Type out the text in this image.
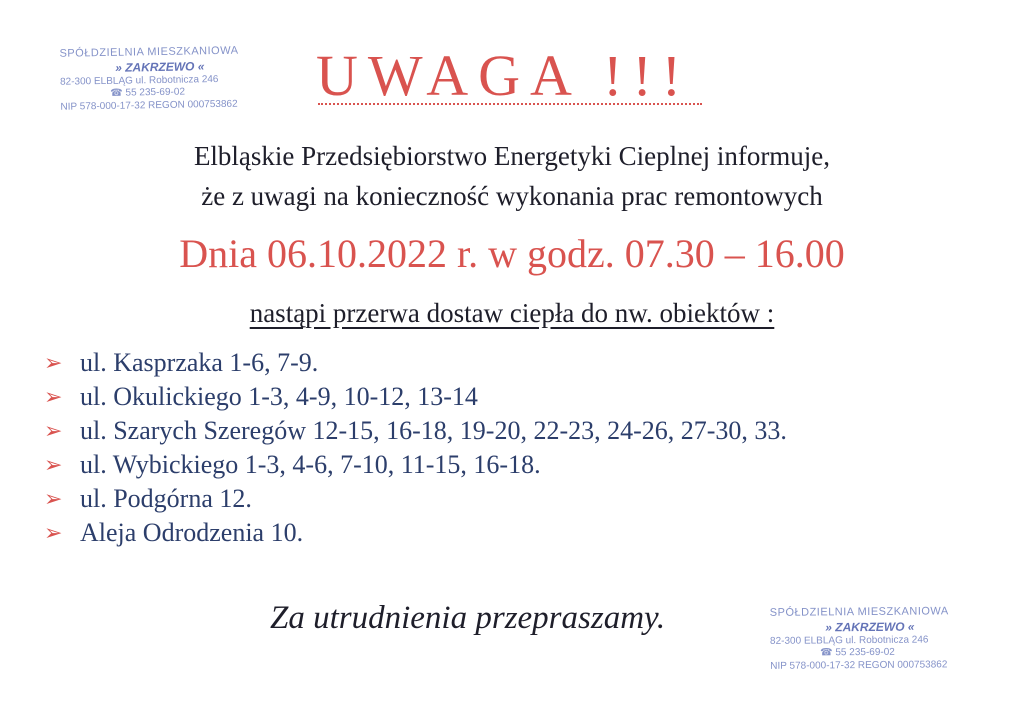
SPÓŁDZIELNIA MIESZKANIOWA
» ZAKRZEWO «
82-300 ELBLĄG ul. Robotnicza 246
☎ 55 235-69-02
NIP 578-000-17-32 REGON 000753862	UWAGA !!!
Elbląskie Przedsiębiorstwo Energetyki Cieplnej informuje,
że z uwagi na konieczność wykonania prac remontowych
Dnia 06.10.2022 r. w godz. 07.30 – 16.00
nastąpi przerwa dostaw ciepła do nw. obiektów :
➢ ul. Kasprzaka 1-6, 7-9.
➢ ul. Okulickiego 1-3, 4-9, 10-12, 13-14
➢ ul. Szarych Szeregów 12-15, 16-18, 19-20, 22-23, 24-26, 27-30, 33.
➢ ul. Wybickiego 1-3, 4-6, 7-10, 11-15, 16-18.
➢ ul. Podgórna 12.
➢ Aleja Odrodzenia 10.
Za utrudnienia przepraszamy.	SPÓŁDZIELNIA MIESZKANIOWA
» ZAKRZEWO «
82-300 ELBLĄG ul. Robotnicza 246
☎ 55 235-69-02
NIP 578-000-17-32 REGON 000753862
